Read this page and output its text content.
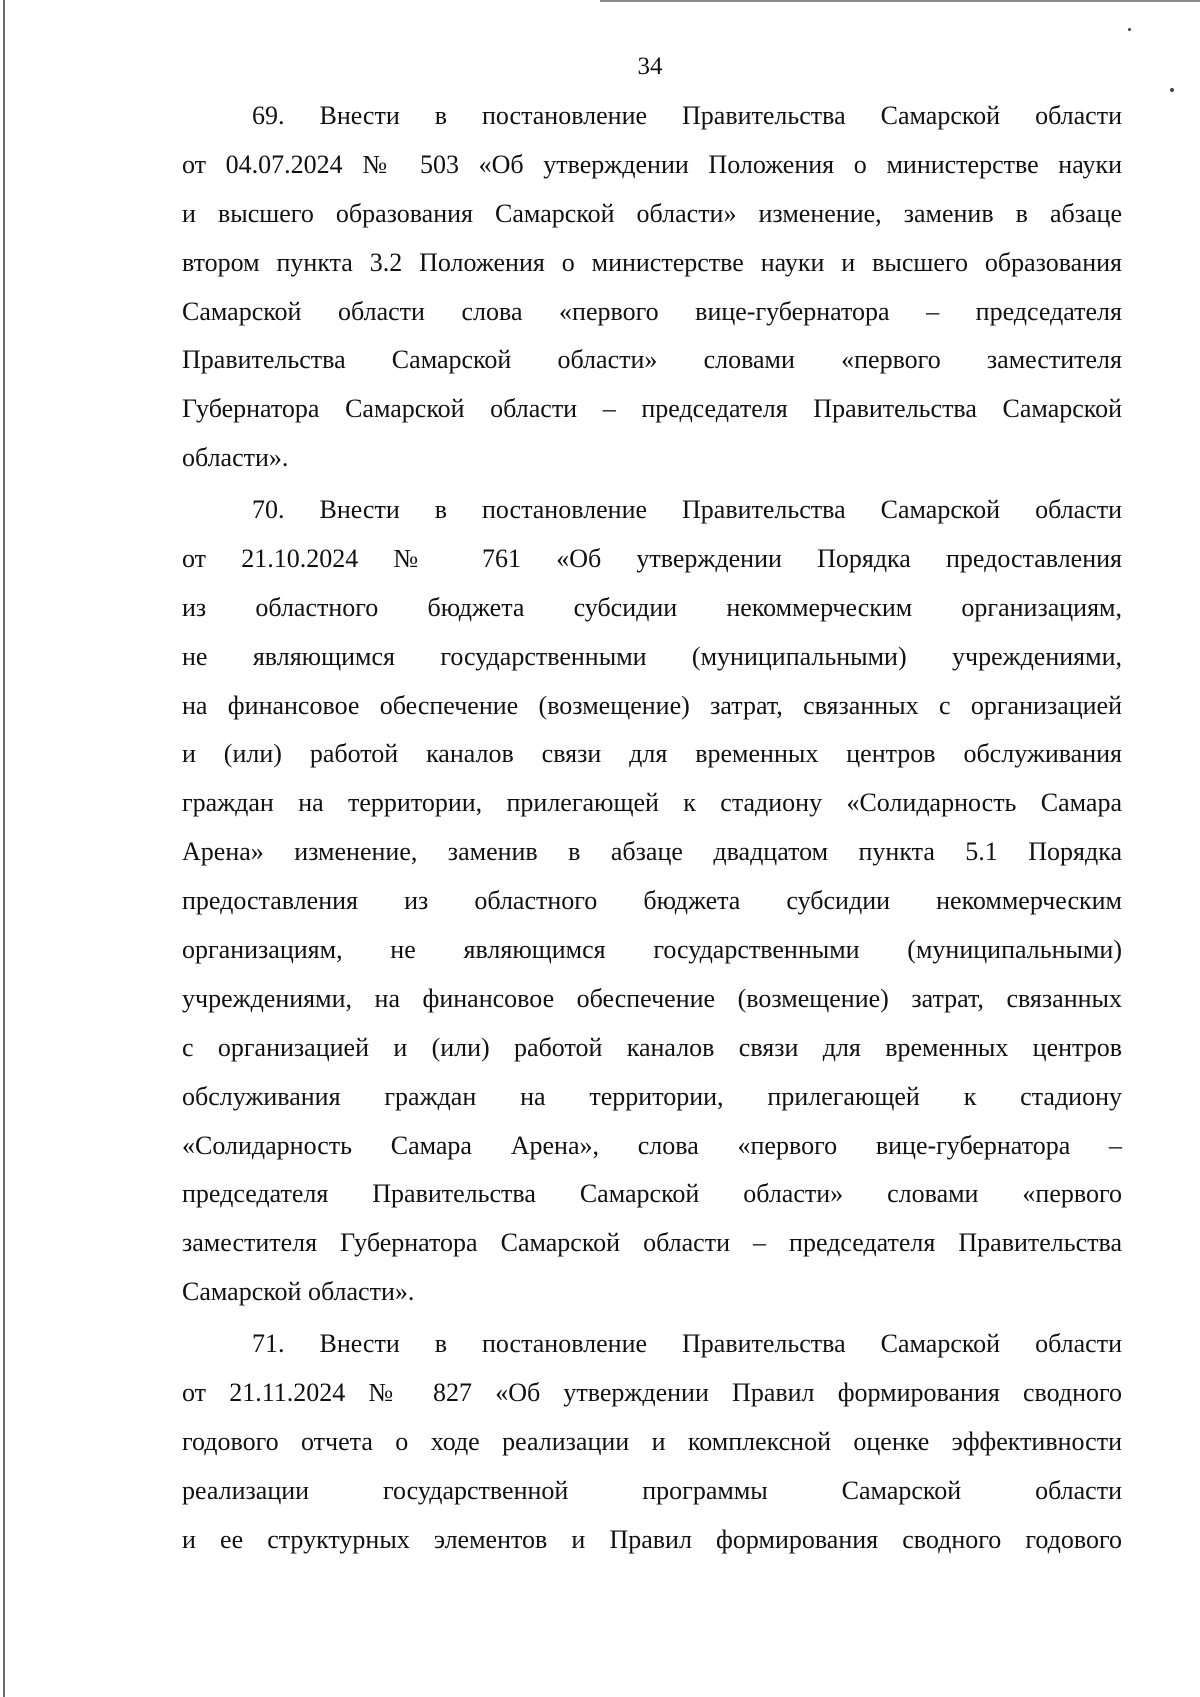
34
69. Внести в постановление Правительства Самарской области
от 04.07.2024 № 503 «Об утверждении Положения о министерстве науки
и высшего образования Самарской области» изменение, заменив в абзаце
втором пункта 3.2 Положения о министерстве науки и высшего образования
Самарской области слова «первого вице-губернатора – председателя
Правительства Самарской области» словами «первого заместителя
Губернатора Самарской области – председателя Правительства Самарской
области».
70. Внести в постановление Правительства Самарской области
от 21.10.2024 № 761 «Об утверждении Порядка предоставления
из областного бюджета субсидии некоммерческим организациям,
не являющимся государственными (муниципальными) учреждениями,
на финансовое обеспечение (возмещение) затрат, связанных с организацией
и (или) работой каналов связи для временных центров обслуживания
граждан на территории, прилегающей к стадиону «Солидарность Самара
Арена» изменение, заменив в абзаце двадцатом пункта 5.1 Порядка
предоставления из областного бюджета субсидии некоммерческим
организациям, не являющимся государственными (муниципальными)
учреждениями, на финансовое обеспечение (возмещение) затрат, связанных
с организацией и (или) работой каналов связи для временных центров
обслуживания граждан на территории, прилегающей к стадиону
«Солидарность Самара Арена», слова «первого вице-губернатора –
председателя Правительства Самарской области» словами «первого
заместителя Губернатора Самарской области – председателя Правительства
Самарской области».
71. Внести в постановление Правительства Самарской области
от 21.11.2024 № 827 «Об утверждении Правил формирования сводного
годового отчета о ходе реализации и комплексной оценке эффективности
реализации государственной программы Самарской области
и ее структурных элементов и Правил формирования сводного годового
